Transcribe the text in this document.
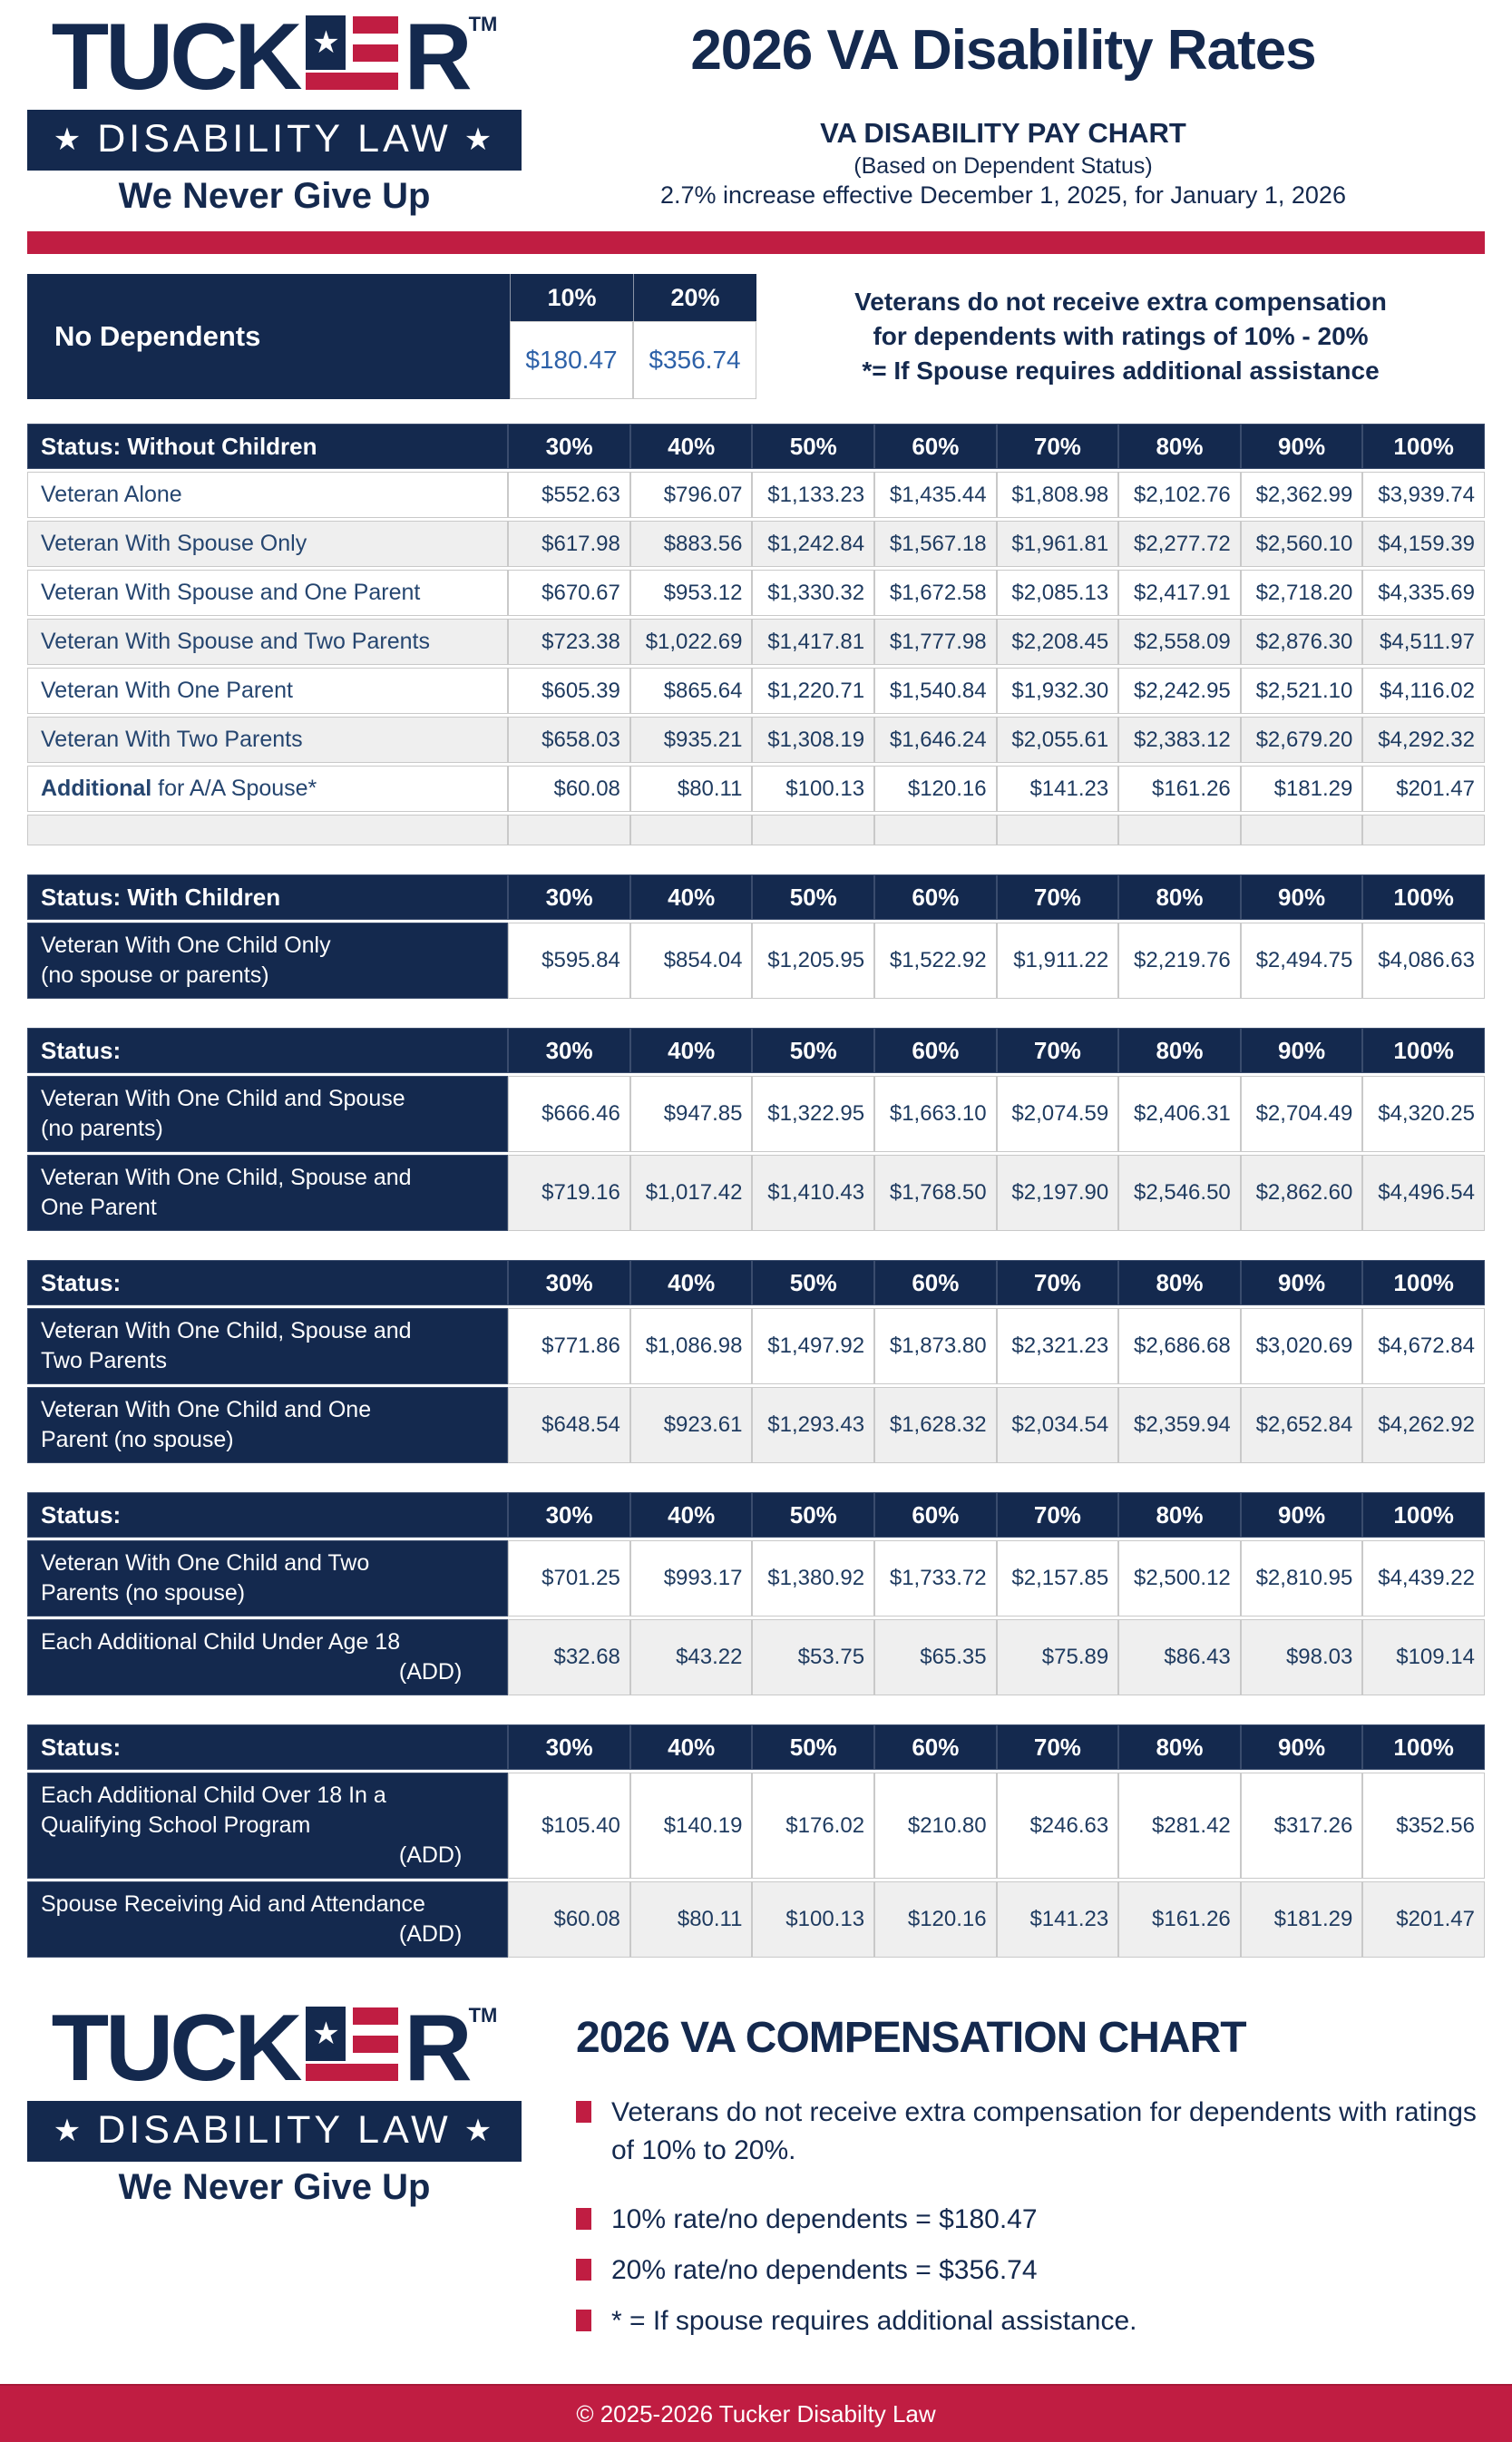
TUCK ★ R TM
★ DISABILITY LAW ★
We Never Give Up
2026 VA Disability Rates
VA DISABILITY PAY CHART
(Based on Dependent Status)
2.7% increase effective December 1, 2025, for January 1, 2026
No Dependents
10%	20%
$180.47	$356.74
Veterans do not receive extra compensation
for dependents with ratings of 10% - 20%
*= If Spouse requires additional assistance
Status: Without Children	30%	40%	50%	60%	70%	80%	90%	100%

Veteran Alone	$552.63	$796.07	$1,133.23	$1,435.44	$1,808.98	$2,102.76	$2,362.99	$3,939.74

Veteran With Spouse Only	$617.98	$883.56	$1,242.84	$1,567.18	$1,961.81	$2,277.72	$2,560.10	$4,159.39

Veteran With Spouse and One Parent	$670.67	$953.12	$1,330.32	$1,672.58	$2,085.13	$2,417.91	$2,718.20	$4,335.69

Veteran With Spouse and Two Parents	$723.38	$1,022.69	$1,417.81	$1,777.98	$2,208.45	$2,558.09	$2,876.30	$4,511.97

Veteran With One Parent	$605.39	$865.64	$1,220.71	$1,540.84	$1,932.30	$2,242.95	$2,521.10	$4,116.02

Veteran With Two Parents	$658.03	$935.21	$1,308.19	$1,646.24	$2,055.61	$2,383.12	$2,679.20	$4,292.32
Additional for A/A Spouse*	$60.08	$80.11	$100.13	$120.16	$141.23	$161.26	$181.29	$201.47

Status: With Children	30%	40%	50%	60%	70%	80%	90%	100%

Veteran With One Child Only
(no spouse or parents)	$595.84	$854.04	$1,205.95	$1,522.92	$1,911.22	$2,219.76	$2,494.75	$4,086.63
Status:	30%	40%	50%	60%	70%	80%	90%	100%

Veteran With One Child and Spouse
(no parents)	$666.46	$947.85	$1,322.95	$1,663.10	$2,074.59	$2,406.31	$2,704.49	$4,320.25

Veteran With One Child, Spouse and
One Parent	$719.16	$1,017.42	$1,410.43	$1,768.50	$2,197.90	$2,546.50	$2,862.60	$4,496.54
Status:	30%	40%	50%	60%	70%	80%	90%	100%

Veteran With One Child, Spouse and
Two Parents	$771.86	$1,086.98	$1,497.92	$1,873.80	$2,321.23	$2,686.68	$3,020.69	$4,672.84

Veteran With One Child and One
Parent (no spouse)	$648.54	$923.61	$1,293.43	$1,628.32	$2,034.54	$2,359.94	$2,652.84	$4,262.92
Status:	30%	40%	50%	60%	70%	80%	90%	100%

Veteran With One Child and Two
Parents (no spouse)	$701.25	$993.17	$1,380.92	$1,733.72	$2,157.85	$2,500.12	$2,810.95	$4,439.22

Each Additional Child Under Age 18
(ADD)	$32.68	$43.22	$53.75	$65.35	$75.89	$86.43	$98.03	$109.14
Status:	30%	40%	50%	60%	70%	80%	90%	100%

Each Additional Child Over 18 In a
Qualifying School Program
(ADD)	$105.40	$140.19	$176.02	$210.80	$246.63	$281.42	$317.26	$352.56

Spouse Receiving Aid and Attendance
(ADD)	$60.08	$80.11	$100.13	$120.16	$141.23	$161.26	$181.29	$201.47
TUCK ★ R TM
★ DISABILITY LAW ★
We Never Give Up
2026 VA COMPENSATION CHART
Veterans do not receive extra compensation for dependents with ratings of 10% to 20%.
10% rate/no dependents = $180.47
20% rate/no dependents = $356.74
* = If spouse requires additional assistance.
© 2025-2026 Tucker Disabilty Law
